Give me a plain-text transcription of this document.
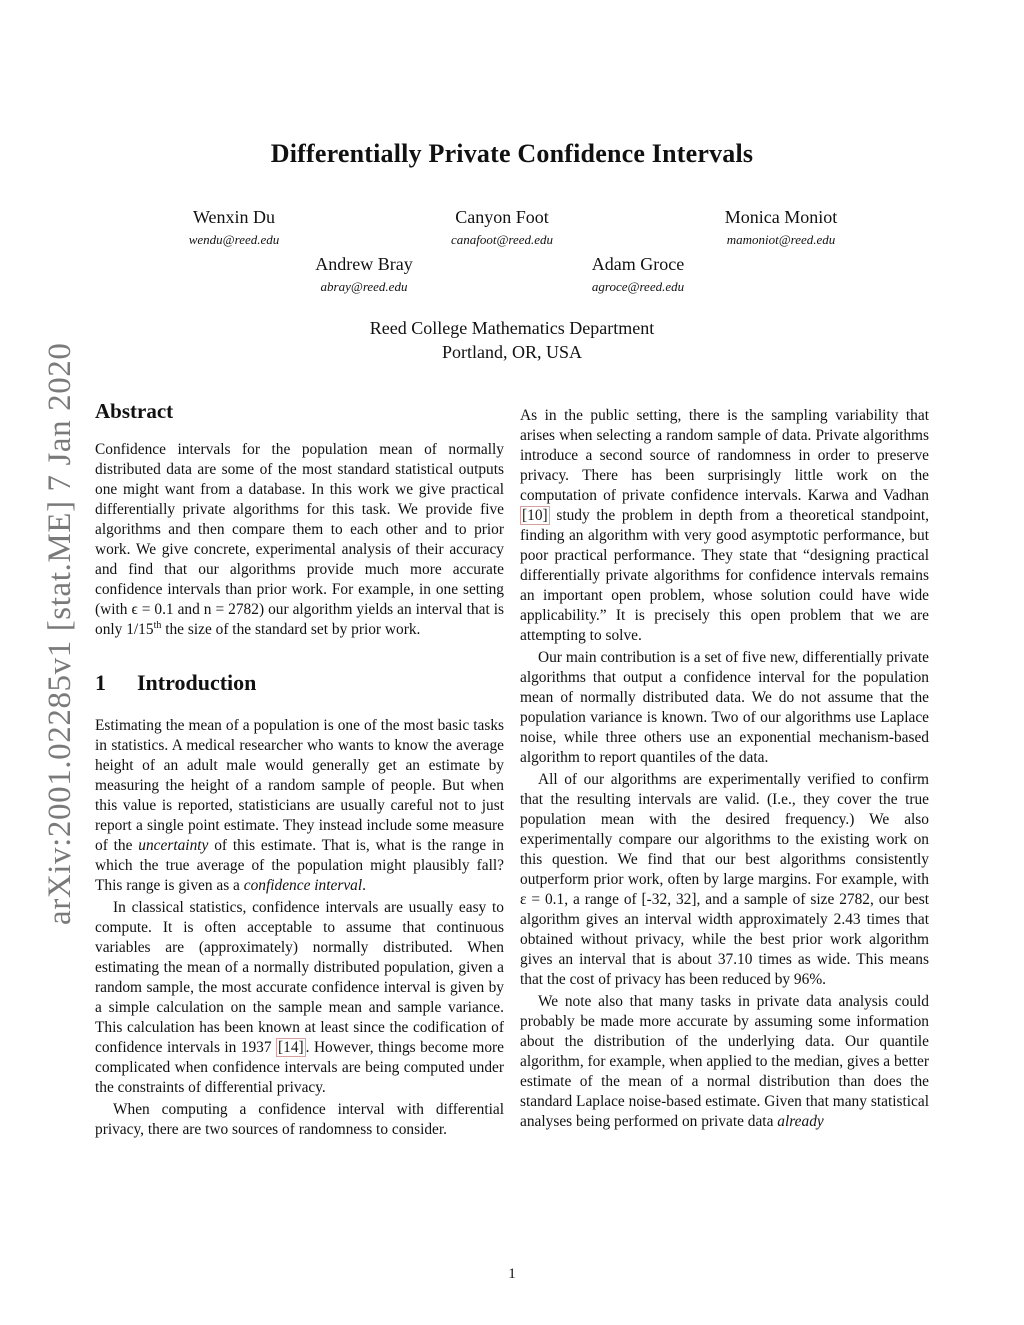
arXiv:2001.02285v1 [stat.ME] 7 Jan 2020
Differentially Private Confidence Intervals
Wenxin Du
wendu@reed.edu
Canyon Foot
canafoot@reed.edu
Monica Moniot
mamoniot@reed.edu
Andrew Bray
abray@reed.edu
Adam Groce
agroce@reed.edu
Reed College Mathematics Department
Portland, OR, USA
Abstract

Confidence intervals for the population mean of normally distributed data are some of the most standard statistical outputs one might want from a database. In this work we give practical differentially private algorithms for this task. We provide five algorithms and then compare them to each other and to prior work. We give concrete, experimental analysis of their accuracy and find that our algorithms provide much more accurate confidence intervals than prior work. For example, in one setting (with ϵ = 0.1 and n = 2782) our algorithm yields an interval that is only 1/15th the size of the standard set by prior work.

1 Introduction

Estimating the mean of a population is one of the most basic tasks in statistics. A medical researcher who wants to know the average height of an adult male would generally get an estimate by measuring the height of a random sample of people. But when this value is reported, statisticians are usually careful not to just report a single point estimate. They instead include some measure of the uncertainty of this estimate. That is, what is the range in which the true average of the population might plausibly fall? This range is given as a confidence interval.

In classical statistics, confidence intervals are usually easy to compute. It is often acceptable to assume that continuous variables are (approximately) normally distributed. When estimating the mean of a normally distributed population, given a random sample, the most accurate confidence interval is given by a simple calculation on the sample mean and sample variance. This calculation has been known at least since the codification of confidence intervals in 1937 [14] . However, things become more complicated when confidence intervals are being computed under the constraints of differential privacy.

When computing a confidence interval with differential privacy, there are two sources of randomness to consider.

As in the public setting, there is the sampling variability that arises when selecting a random sample of data. Private algorithms introduce a second source of randomness in order to preserve privacy. There has been surprisingly little work on the computation of private confidence intervals. Karwa and Vadhan [10] study the problem in depth from a theoretical standpoint, finding an algorithm with very good asymptotic performance, but poor practical performance. They state that “designing practical differentially private algorithms for confidence intervals remains an important open problem, whose solution could have wide applicability.” It is precisely this open problem that we are attempting to solve.

Our main contribution is a set of five new, differentially private algorithms that output a confidence interval for the population mean of normally distributed data. We do not assume that the population variance is known. Two of our algorithms use Laplace noise, while three others use an exponential mechanism-based algorithm to report quantiles of the data.

All of our algorithms are experimentally verified to confirm that the resulting intervals are valid. (I.e., they cover the true population mean with the desired frequency.) We also experimentally compare our algorithms to the existing work on this question. We find that our best algorithms consistently outperform prior work, often by large margins. For example, with ε = 0.1, a range of [-32, 32], and a sample of size 2782, our best algorithm gives an interval width approximately 2.43 times that obtained without privacy, while the best prior work algorithm gives an interval that is about 37.10 times as wide. This means that the cost of privacy has been reduced by 96%.

We note also that many tasks in private data analysis could probably be made more accurate by assuming some information about the distribution of the underlying data. Our quantile algorithm, for example, when applied to the median, gives a better estimate of the mean of a normal distribution than does the standard Laplace noise-based estimate. Given that many statistical analyses being performed on private data already

1
